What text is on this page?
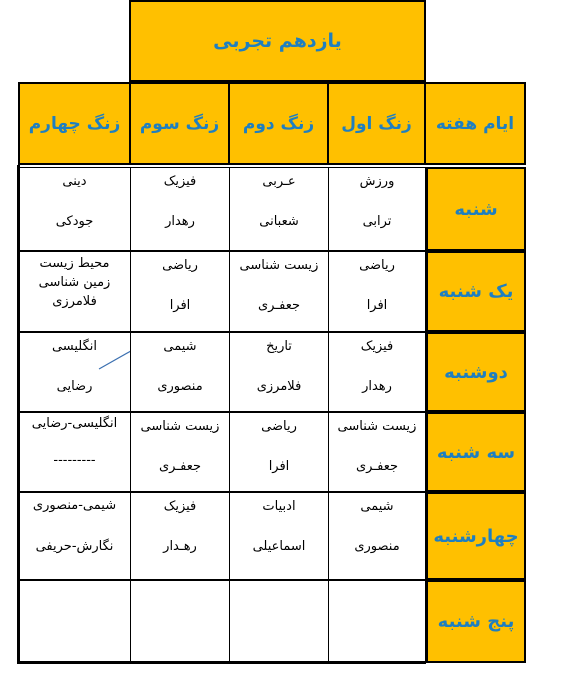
یازدهم تجربی
زنگ چهارم زنگ سوم زنگ دوم زنگ اول ایام هفته
دینی
جودکی
فیزیک
رهدار
عـربی
شعبانی
ورزش
ترابی
شنبه
محیط زیست
زمین شناسی
فلامرزی
ریاضی
افرا
زیست شناسی
جعفـری
ریاضی
افرا
یک شنبه
انگلیسی
رضایی
شیمی
منصوری
تاریخ
فلامرزی
فیزیک
رهدار
دوشنبه
انگلیسی-رضایی
---------
زیست شناسی
جعفـری
ریاضی
افرا
زیست شناسی
جعفـری
سه شنبه
شیمی-منصوری
نگارش-حریفی
فیزیک
رهـدار
ادبیات
اسماعیلی
شیمی
منصوری	چهارشنبه
پنج شنبه
